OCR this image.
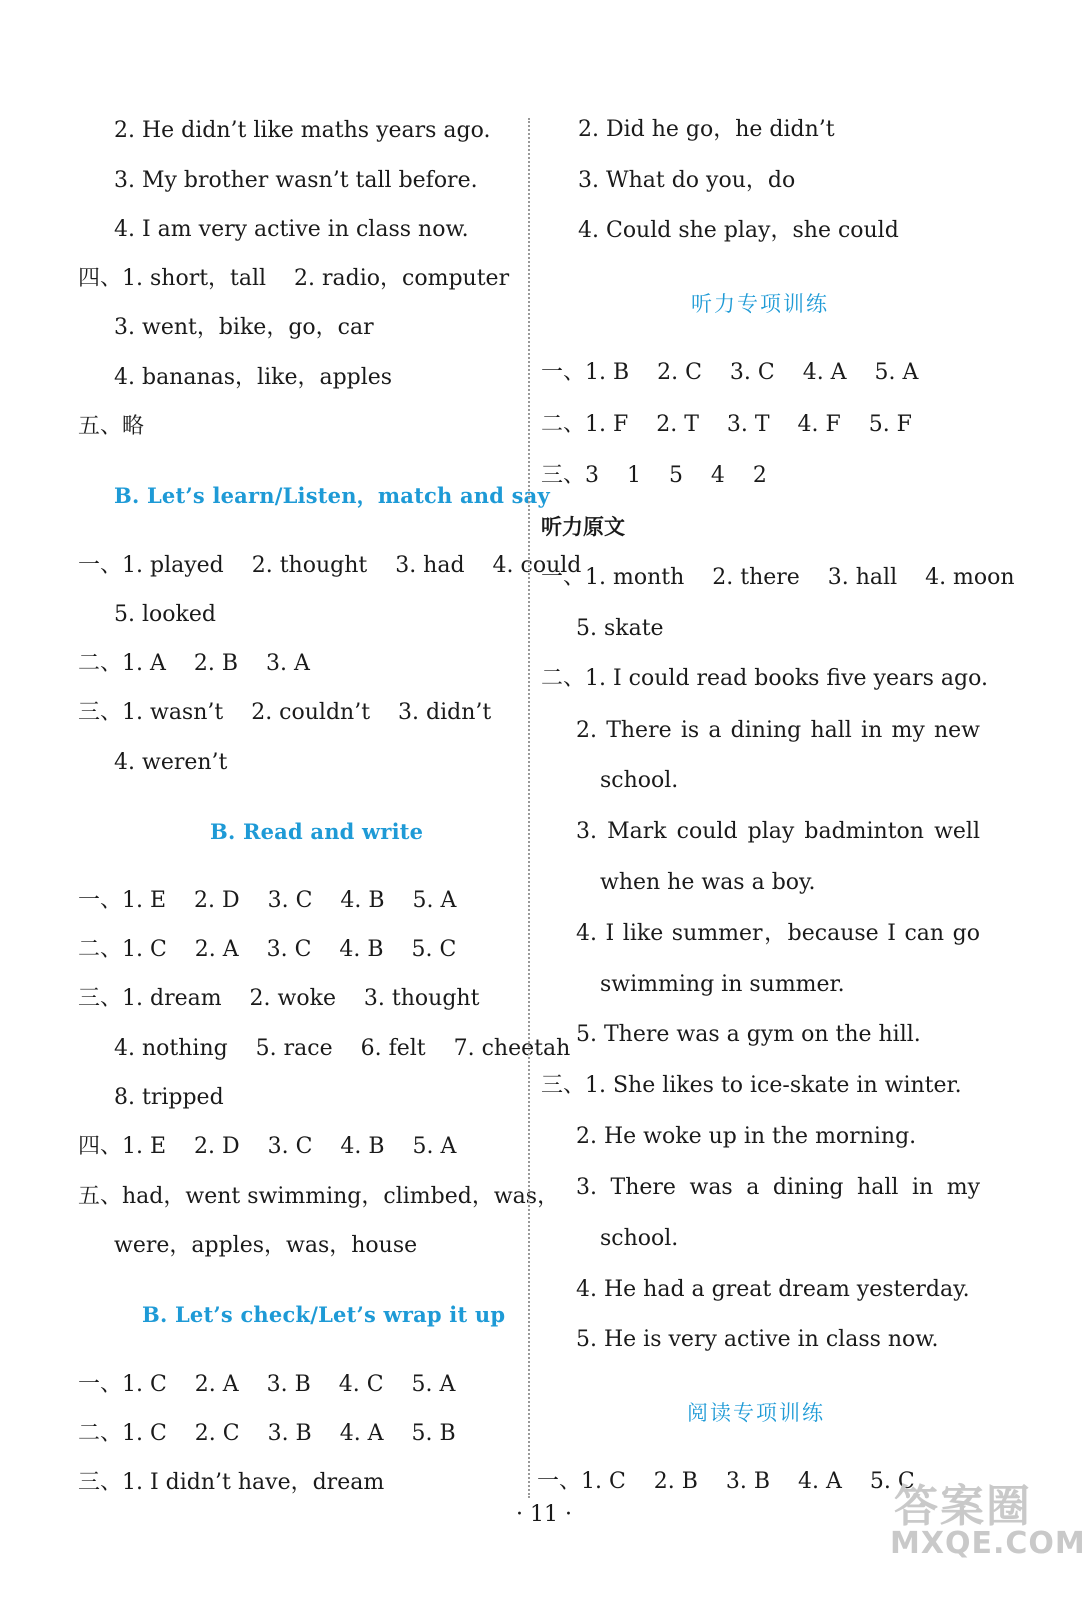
2. He didn’t like maths years ago.
3. My brother wasn’t tall before.
4. I am very active in class now.
四、1. short，tall    2. radio，computer
3. went，bike，go，car
4. bananas，like，apples
五、略
B. Let’s learn/Listen，match and say
一、1. played    2. thought    3. had    4. could
5. looked
二、1. A    2. B    3. A
三、1. wasn’t    2. couldn’t    3. didn’t
4. weren’t
B. Read and write
一、1. E    2. D    3. C    4. B    5. A
二、1. C    2. A    3. C    4. B    5. C
三、1. dream    2. woke    3. thought
4. nothing    5. race    6. felt    7. cheetah
8. tripped
四、1. E    2. D    3. C    4. B    5. A
五、had，went swimming，climbed，was，
were，apples，was，house
B. Let’s check/Let’s wrap it up
一、1. C    2. A    3. B    4. C    5. A
二、1. C    2. C    3. B    4. A    5. B
三、1. I didn’t have，dream
2. Did he go，he didn’t
3. What do you，do
4. Could she play，she could
听力专项训练
一、1. B    2. C    3. C    4. A    5. A
二、1. F    2. T    3. T    4. F    5. F
三、3    1    5    4    2
听力原文
一、1. month    2. there    3. hall    4. moon
5. skate
二、1. I could read books five years ago.
2. There is a dining hall in my new
school.
3. Mark could play badminton well
when he was a boy.
4. I like summer，because I can go
swimming in summer.
5. There was a gym on the hill.
三、1. She likes to ice-skate in winter.
2. He woke up in the morning.
3. There was a dining hall in my
school.
4. He had a great dream yesterday.
5. He is very active in class now.
阅读专项训练
一、1. C    2. B    3. B    4. A    5. C
· 11 ·	答案圈
MXQE.COM
